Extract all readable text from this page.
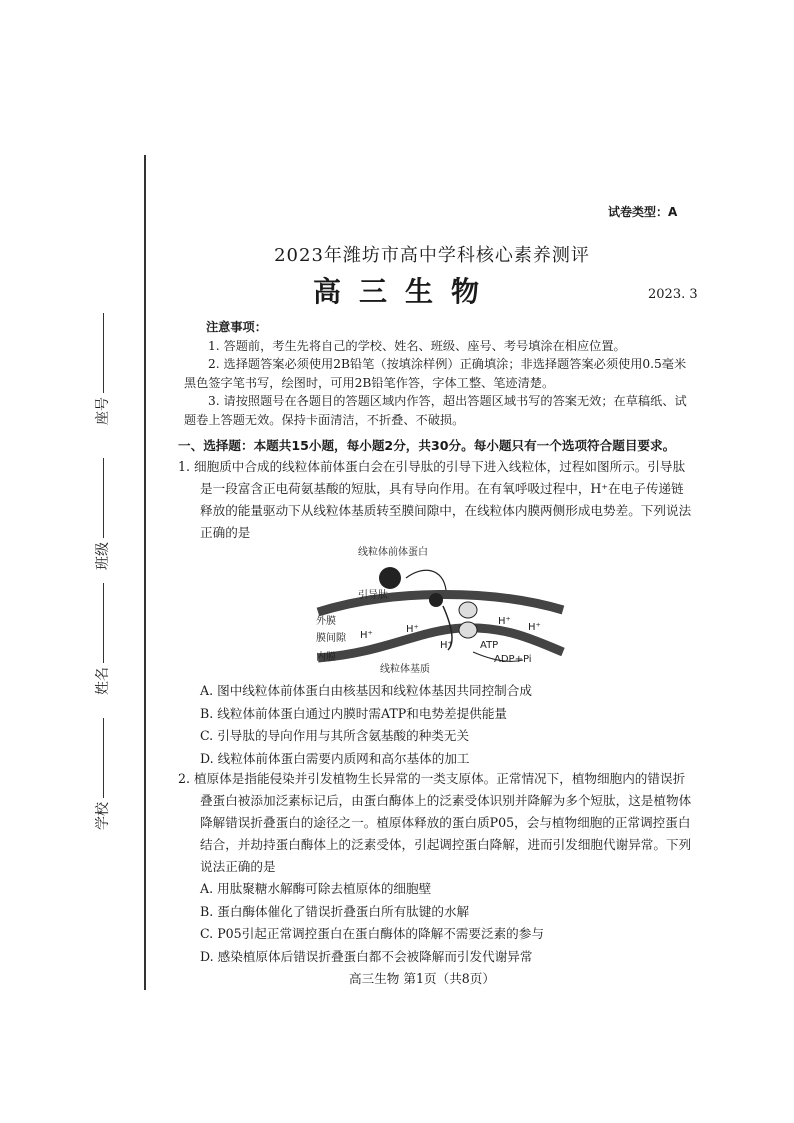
座号
班级
姓名
学校
试卷类型：A
2023年潍坊市高中学科核心素养测评
高三生物	2023. 3
注意事项：

1. 答题前，考生先将自己的学校、姓名、班级、座号、考号填涂在相应位置。

2. 选择题答案必须使用2B铅笔（按填涂样例）正确填涂；非选择题答案必须使用0.5毫米黑色签字笔书写，绘图时，可用2B铅笔作答，字体工整、笔迹清楚。

3. 请按照题号在各题目的答题区域内作答，超出答题区域书写的答案无效；在草稿纸、试题卷上答题无效。保持卡面清洁，不折叠、不破损。

一、选择题：本题共15小题，每小题2分，共30分。每小题只有一个选项符合题目要求。

1. 细胞质中合成的线粒体前体蛋白会在引导肽的引导下进入线粒体，过程如图所示。引导肽是一段富含正电荷氨基酸的短肽，具有导向作用。在有氧呼吸过程中，H⁺在电子传递链释放的能量驱动下从线粒体基质转至膜间隙中，在线粒体内膜两侧形成电势差。下列说法正确的是

线粒体前体蛋白
引导肽
外膜
膜间隙
内膜
线粒体基质
ATP
ADP+Pi
H⁺
H⁺
H⁺
H⁺
H⁺

A. 图中线粒体前体蛋白由核基因和线粒体基因共同控制合成

B. 线粒体前体蛋白通过内膜时需ATP和电势差提供能量

C. 引导肽的导向作用与其所含氨基酸的种类无关

D. 线粒体前体蛋白需要内质网和高尔基体的加工

2. 植原体是指能侵染并引发植物生长异常的一类支原体。正常情况下，植物细胞内的错误折叠蛋白被添加泛素标记后，由蛋白酶体上的泛素受体识别并降解为多个短肽，这是植物体降解错误折叠蛋白的途径之一。植原体释放的蛋白质P05，会与植物细胞的正常调控蛋白结合，并劫持蛋白酶体上的泛素受体，引起调控蛋白降解，进而引发细胞代谢异常。下列说法正确的是

A. 用肽聚糖水解酶可除去植原体的细胞壁

B. 蛋白酶体催化了错误折叠蛋白所有肽键的水解

C. P05引起正常调控蛋白在蛋白酶体的降解不需要泛素的参与

D. 感染植原体后错误折叠蛋白都不会被降解而引发代谢异常

高三生物 第1页（共8页）
